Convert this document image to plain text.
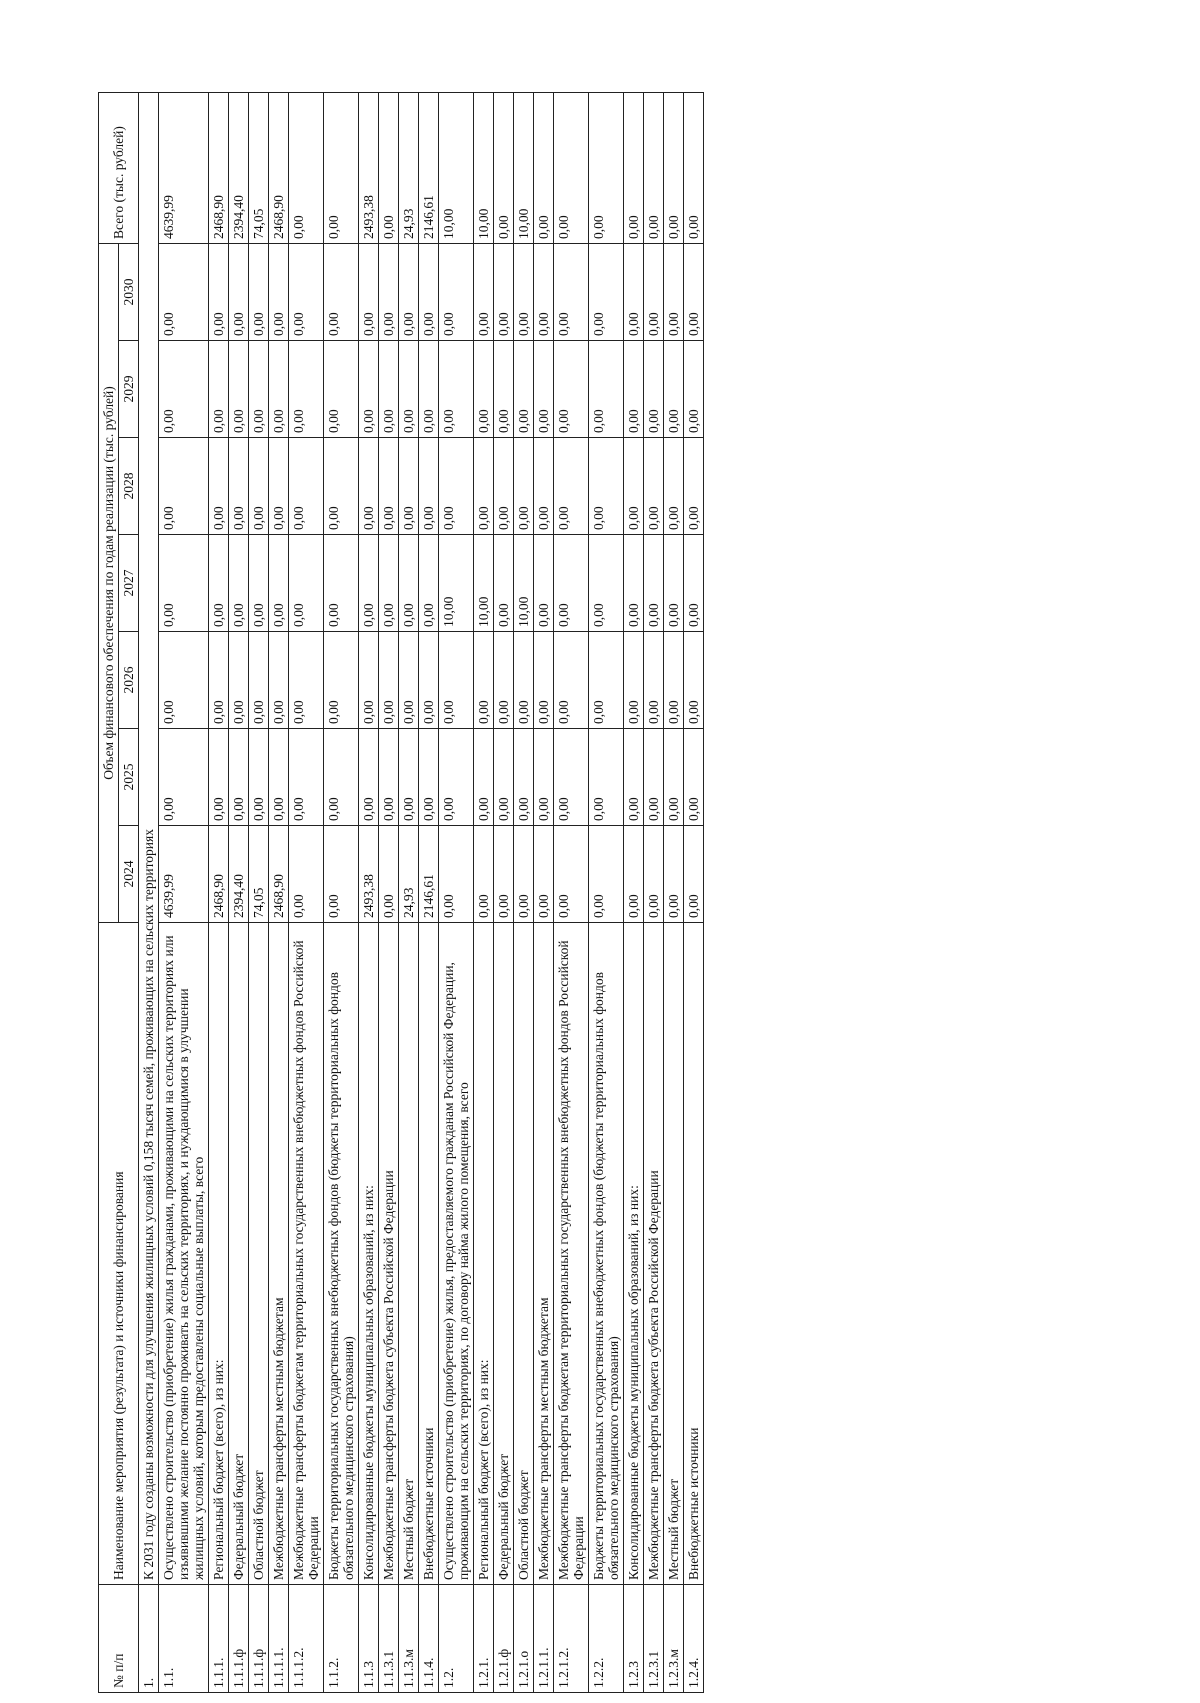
№ п/п	Наименование мероприятия (результата) и источники финансирования	Объем финансового обеспечения по годам реализации (тыс. рублей)							Всего (тыс. рублей)
		2024	2025	2026	2027	2028	2029	2030	
1.	К 2031 году созданы возможности для улучшения жилищных условий 0,158 тысяч семей, проживающих на сельских территориях								
1.1.	Осуществлено строительство (приобретение) жилья гражданами, проживающими на сельских территориях или изъявившими желание постоянно проживать на сельских территориях, и нуждающимися в улучшении жилищных условий, которым предоставлены социальные выплаты, всего	4639,99	0,00	0,00	0,00	0,00	0,00	0,00	4639,99
1.1.1.	Региональный бюджет (всего), из них:	2468,90	0,00	0,00	0,00	0,00	0,00	0,00	2468,90
1.1.1.ф	Федеральный бюджет	2394,40	0,00	0,00	0,00	0,00	0,00	0,00	2394,40
1.1.1.ф	Областной бюджет	74,05	0,00	0,00	0,00	0,00	0,00	0,00	74,05
1.1.1.1.	Межбюджетные трансферты местным бюджетам	2468,90	0,00	0,00	0,00	0,00	0,00	0,00	2468,90
1.1.1.2.	Межбюджетные трансферты бюджетам территориальных государственных внебюджетных фондов Российской Федерации	0,00	0,00	0,00	0,00	0,00	0,00	0,00	0,00
1.1.2.	Бюджеты территориальных государственных внебюджетных фондов (бюджеты территориальных фондов обязательного медицинского страхования)	0,00	0,00	0,00	0,00	0,00	0,00	0,00	0,00
1.1.3	Консолидированные бюджеты муниципальных образований, из них:	2493,38	0,00	0,00	0,00	0,00	0,00	0,00	2493,38
1.1.3.1	Межбюджетные трансферты бюджета субъекта Российской Федерации	0,00	0,00	0,00	0,00	0,00	0,00	0,00	0,00
1.1.3.м	Местный бюджет	24,93	0,00	0,00	0,00	0,00	0,00	0,00	24,93
1.1.4.	Внебюджетные источники	2146,61	0,00	0,00	0,00	0,00	0,00	0,00	2146,61
1.2.	Осуществлено строительство (приобретение) жилья, предоставляемого гражданам Российской Федерации, проживающим на сельских территориях, по договору найма жилого помещения, всего	0,00	0,00	0,00	10,00	0,00	0,00	0,00	10,00
1.2.1.	Региональный бюджет (всего), из них:	0,00	0,00	0,00	10,00	0,00	0,00	0,00	10,00
1.2.1.ф	Федеральный бюджет	0,00	0,00	0,00	0,00	0,00	0,00	0,00	0,00
1.2.1.о	Областной бюджет	0,00	0,00	0,00	10,00	0,00	0,00	0,00	10,00
1.2.1.1.	Межбюджетные трансферты местным бюджетам	0,00	0,00	0,00	0,00	0,00	0,00	0,00	0,00
1.2.1.2.	Межбюджетные трансферты бюджетам территориальных государственных внебюджетных фондов Российской Федерации	0,00	0,00	0,00	0,00	0,00	0,00	0,00	0,00
1.2.2.	Бюджеты территориальных государственных внебюджетных фондов (бюджеты территориальных фондов обязательного медицинского страхования)	0,00	0,00	0,00	0,00	0,00	0,00	0,00	0,00
1.2.3	Консолидированные бюджеты муниципальных образований, из них:	0,00	0,00	0,00	0,00	0,00	0,00	0,00	0,00
1.2.3.1	Межбюджетные трансферты бюджета субъекта Российской Федерации	0,00	0,00	0,00	0,00	0,00	0,00	0,00	0,00
1.2.3.м	Местный бюджет	0,00	0,00	0,00	0,00	0,00	0,00	0,00	0,00
1.2.4.	Внебюджетные источники	0,00	0,00	0,00	0,00	0,00	0,00	0,00	0,00
